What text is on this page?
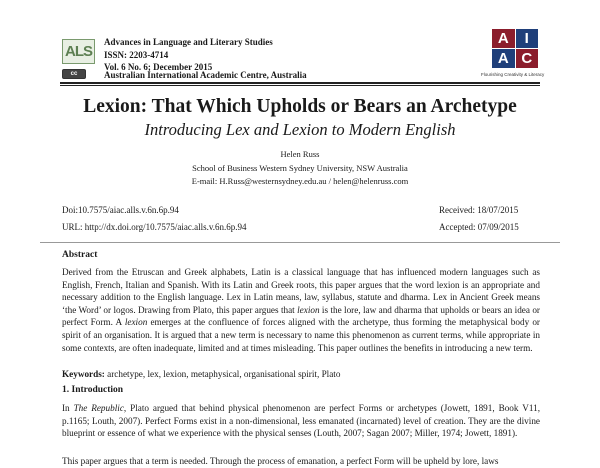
ALS
Advances in Language and Literary Studies
ISSN: 2203-4714
Vol. 6 No. 6; December 2015
cc	Australian International Academic Centre, Australia
A	I
A C
Flourishing Creativity & Literacy
Lexion: That Which Upholds or Bears an Archetype
Introducing Lex and Lexion to Modern English
Helen Russ
School of Business Western Sydney University, NSW Australia
E-mail: H.Russ@westernsydney.edu.au / helen@helenruss.com
Doi:10.7575/aiac.alls.v.6n.6p.94
URL: http://dx.doi.org/10.7575/aiac.alls.v.6n.6p.94
Received: 18/07/2015
Accepted: 07/09/2015
Abstract
Derived from the Etruscan and Greek alphabets, Latin is a classical language that has influenced modern languages such as English, French, Italian and Spanish. With its Latin and Greek roots, this paper argues that the word lexion is an appropriate and necessary addition to the English language. Lex in Latin means, law, syllabus, statute and dharma. Lex in Ancient Greek means ‘the Word’ or logos. Drawing from Plato, this paper argues that lexion is the lore, law and dharma that upholds or bears an idea or perfect Form. A lexion emerges at the confluence of forces aligned with the archetype, thus forming the metaphysical body or spirit of an organisation. It is argued that a new term is necessary to name this phenomenon as current terms, while appropriate in some contexts, are often inadequate, limited and at times misleading. This paper outlines the benefits in introducing a new term.
Keywords: archetype, lex, lexion, metaphysical, organisational spirit, Plato
1. Introduction
In The Republic, Plato argued that behind physical phenomenon are perfect Forms or archetypes (Jowett, 1891, Book V11, p.1165; Louth, 2007). Perfect Forms exist in a non-dimensional, less emanated (incarnated) level of creation. They are the divine blueprint or essence of what we experience with the physical senses (Louth, 2007; Sagan 2007; Miller, 1974; Jowett, 1891).
This paper argues that a term is needed. Through the process of emanation, a perfect Form will be upheld by lore, laws
